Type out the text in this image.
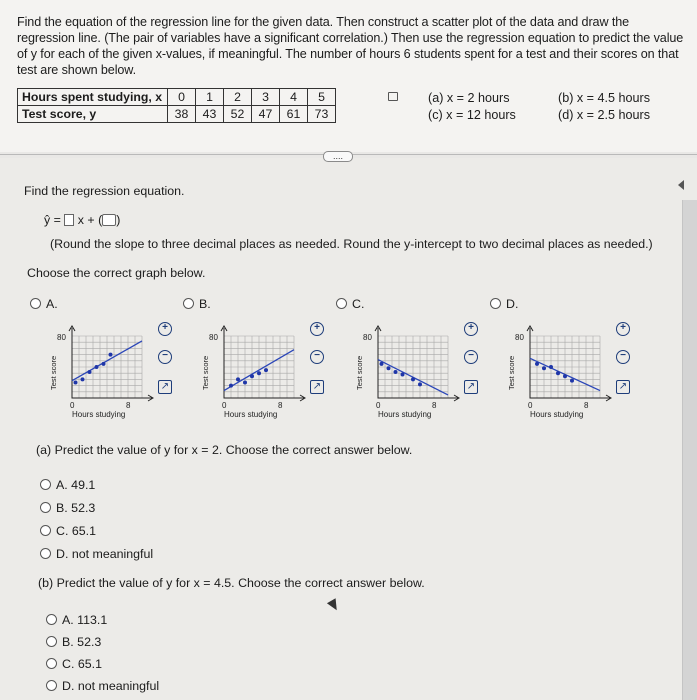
Find the equation of the regression line for the given data. Then construct a scatter plot of the data and draw the regression line. (The pair of variables have a significant correlation.) Then use the regression equation to predict the value of y for each of the given x-values, if meaningful. The number of hours 6 students spent for a test and their scores on that test are shown below.
Hours spent studying, x	0	1	2	3	4	5
Test score, y	38	43	52	47	61	73
(a) x = 2 hours
(c) x = 12 hours
(b) x = 4.5 hours
(d) x = 2.5 hours
....
Find the regression equation.
ŷ = x + ( )
(Round the slope to three decimal places as needed. Round the y-intercept to two decimal places as needed.)
Choose the correct graph below.
A.	B.	C.	D.
80
0	8
Hours studying
Test score
+
−
↗
80
0	8
Hours studying
Test score
+
−
↗
80
0	8
Hours studying
Test score
+
−
↗
80
0	8
Hours studying
Test score
+
−
↗
(a) Predict the value of y for x = 2. Choose the correct answer below.
A. 49.1
B. 52.3
C. 65.1
D. not meaningful
(b) Predict the value of y for x = 4.5. Choose the correct answer below.
A. 113.1
B. 52.3
C. 65.1
D. not meaningful
